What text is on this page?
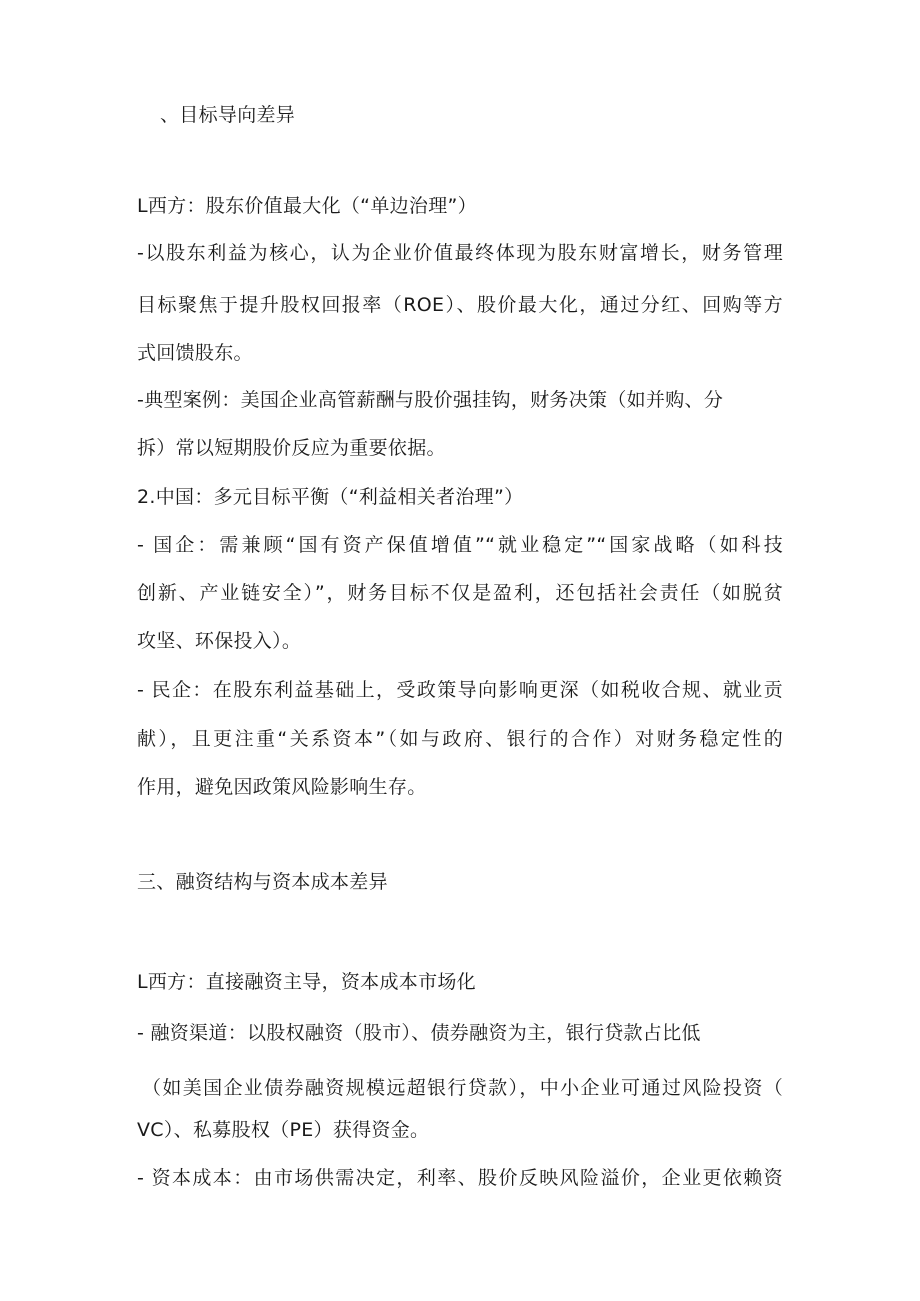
、目标导向差异
L西方：股东价值最大化（“单边治理”）
-以股东利益为核心，认为企业价值最终体现为股东财富增长，财务管理
目标聚焦于提升股权回报率（ROE）、股价最大化，通过分红、回购等方
式回馈股东。
-典型案例：美国企业高管薪酬与股价强挂钩，财务决策（如并购、分
拆）常以短期股价反应为重要依据。
2.中国：多元目标平衡（“利益相关者治理”）
- 国企：需兼顾“国有资产保值增值”“就业稳定”“国家战略（如科技
创新、产业链安全）”，财务目标不仅是盈利，还包括社会责任（如脱贫
攻坚、环保投入）。
- 民企：在股东利益基础上，受政策导向影响更深（如税收合规、就业贡
献），且更注重“关系资本”（如与政府、银行的合作）对财务稳定性的
作用，避免因政策风险影响生存。
三、融资结构与资本成本差异
L西方：直接融资主导，资本成本市场化
- 融资渠道：以股权融资（股市）、债券融资为主，银行贷款占比低
（如美国企业债券融资规模远超银行贷款），中小企业可通过风险投资（
VC）、私募股权（PE）获得资金。
- 资本成本：由市场供需决定，利率、股价反映风险溢价，企业更依赖资
